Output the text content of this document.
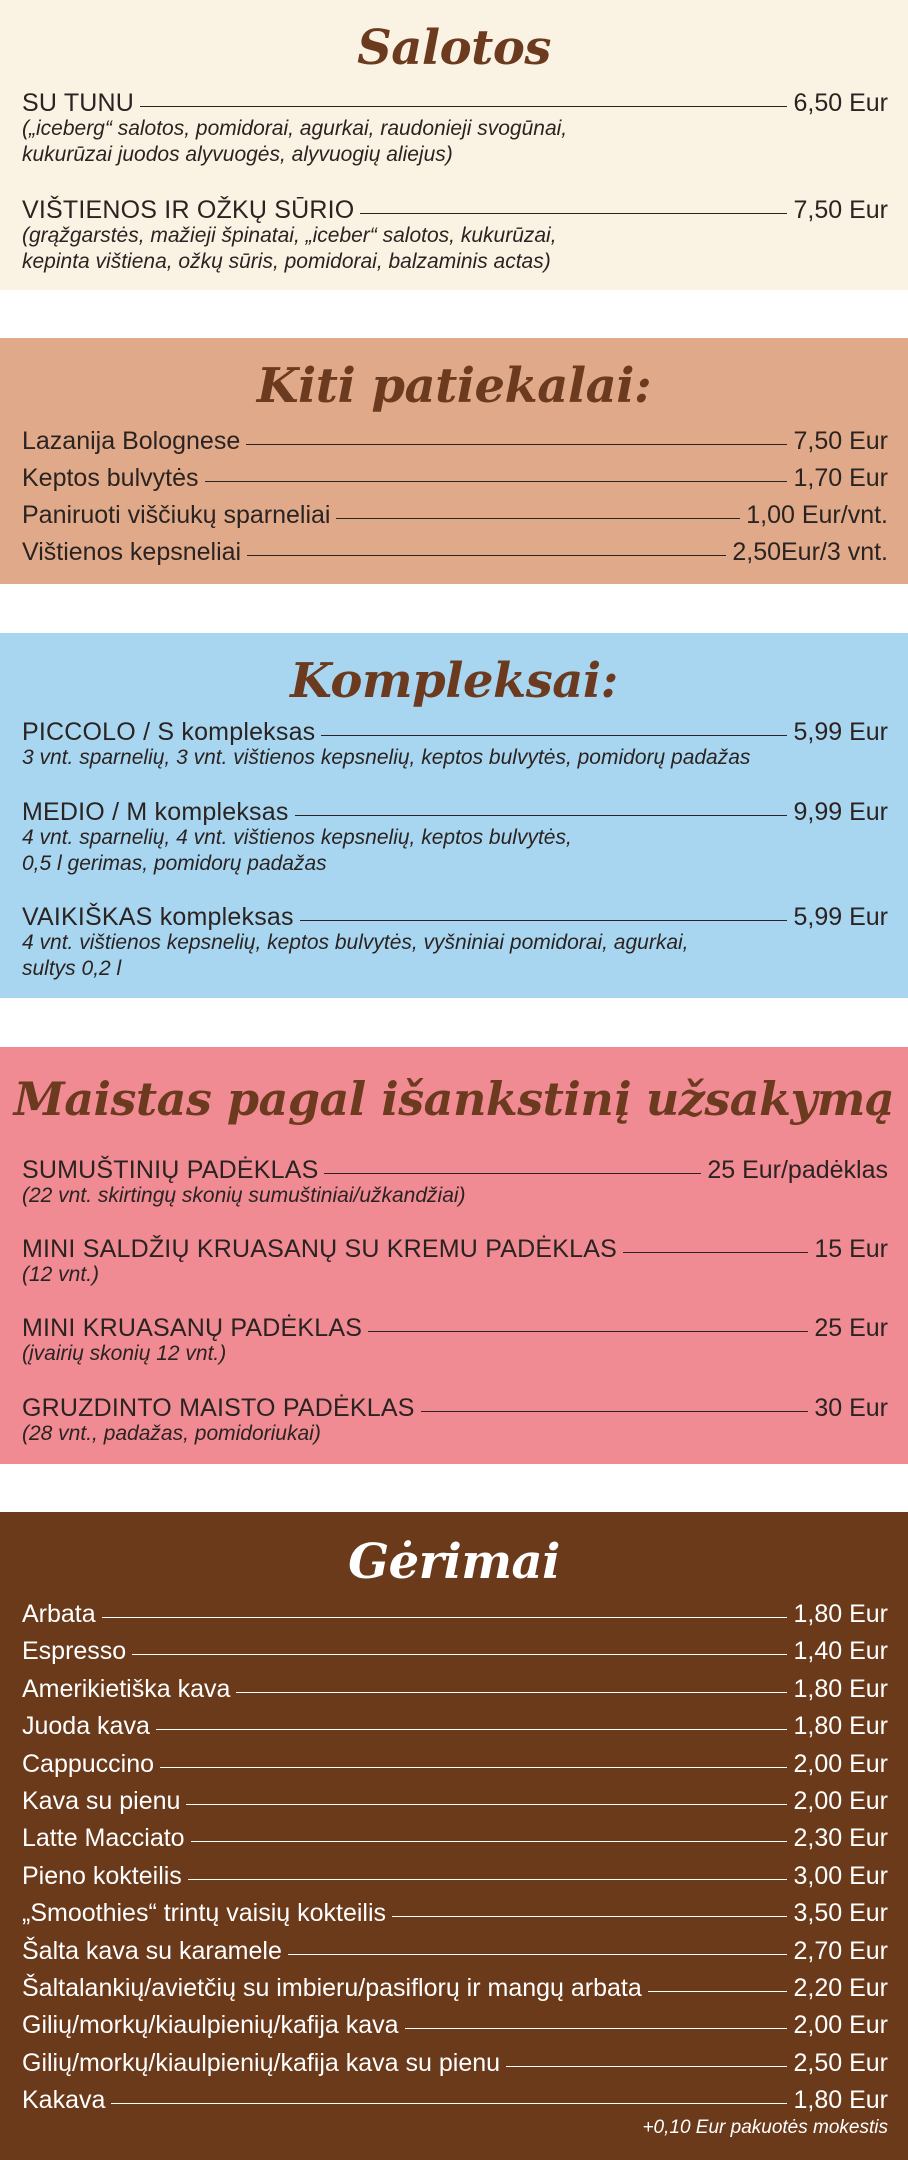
Salotos
SU TUNU	6,50 Eur
(„iceberg“ salotos, pomidorai, agurkai, raudonieji svogūnai,
kukurūzai juodos alyvuogės, alyvuogių aliejus)
VIŠTIENOS IR OŽKŲ SŪRIO	7,50 Eur
(grąžgarstės, mažieji špinatai, „iceber“ salotos, kukurūzai,
kepinta vištiena, ožkų sūris, pomidorai, balzaminis actas)
Kiti patiekalai:
Lazanija Bolognese	7,50 Eur
Keptos bulvytės	1,70 Eur
Paniruoti viščiukų sparneliai	1,00 Eur/vnt.
Vištienos kepsneliai	2,50Eur/3 vnt.
Kompleksai:
PICCOLO / S kompleksas	5,99 Eur
3 vnt. sparnelių, 3 vnt. vištienos kepsnelių, keptos bulvytės, pomidorų padažas
MEDIO / M kompleksas	9,99 Eur
4 vnt. sparnelių, 4 vnt. vištienos kepsnelių, keptos bulvytės,
0,5 l gerimas, pomidorų padažas
VAIKIŠKAS kompleksas	5,99 Eur
4 vnt. vištienos kepsnelių, keptos bulvytės, vyšniniai pomidorai, agurkai,
sultys 0,2 l
Maistas pagal išankstinį užsakymą
SUMUŠTINIŲ PADĖKLAS	25 Eur/padėklas
(22 vnt. skirtingų skonių sumuštiniai/užkandžiai)
MINI SALDŽIŲ KRUASANŲ SU KREMU PADĖKLAS	15 Eur
(12 vnt.)
MINI KRUASANŲ PADĖKLAS	25 Eur
(įvairių skonių 12 vnt.)
GRUZDINTO MAISTO PADĖKLAS	30 Eur
(28 vnt., padažas, pomidoriukai)
Gėrimai
Arbata	1,80 Eur
Espresso	1,40 Eur
Amerikietiška kava	1,80 Eur
Juoda kava	1,80 Eur
Cappuccino	2,00 Eur
Kava su pienu	2,00 Eur
Latte Macciato	2,30 Eur
Pieno kokteilis	3,00 Eur
„Smoothies“ trintų vaisių kokteilis	3,50 Eur
Šalta kava su karamele	2,70 Eur
Šaltalankių/avietčių su imbieru/pasiflorų ir mangų arbata	2,20 Eur
Gilių/morkų/kiaulpienių/kafija kava	2,00 Eur
Gilių/morkų/kiaulpienių/kafija kava su pienu	2,50 Eur
Kakava	1,80 Eur
+0,10 Eur pakuotės mokestis
